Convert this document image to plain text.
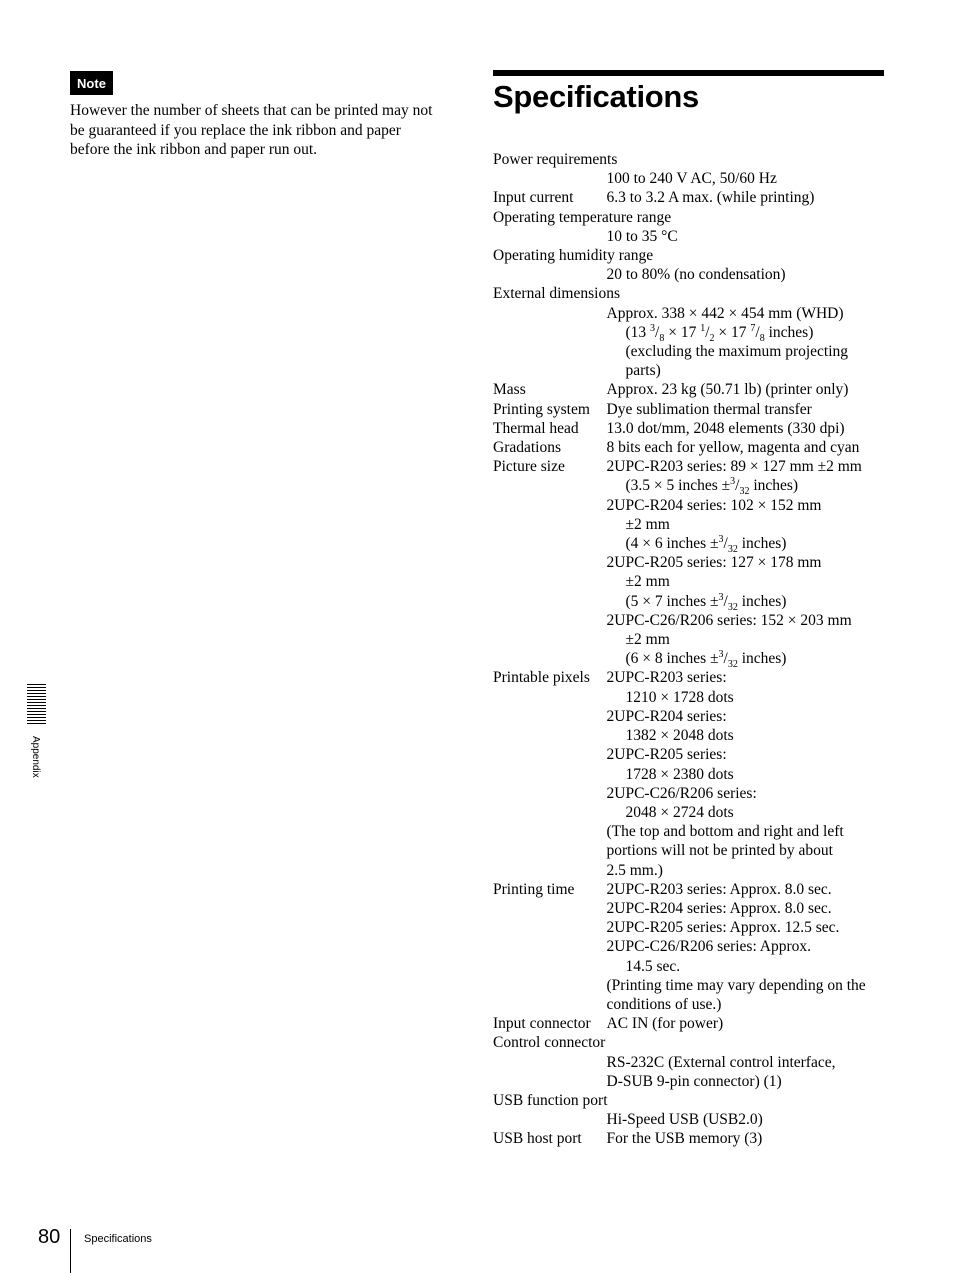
Note
However the number of sheets that can be printed may not
be guaranteed if you replace the ink ribbon and paper
before the ink ribbon and paper run out.
Specifications
Power requirements
100 to 240 V AC, 50/60 Hz
Input current 6.3 to 3.2 A max. (while printing)
Operating temperature range
10 to 35 °C
Operating humidity range
20 to 80% (no condensation)
External dimensions
Approx. 338 × 442 × 454 mm (WHD)
(13 $^3/_8 \times 17$ $^1/_2 \times 17$ $^7/_8$ inches)
(excluding the maximum projecting
parts)
Mass	Approx. 23 kg (50.71 lb) (printer only)
Printing system Dye sublimation thermal transfer
Thermal head 13.0 dot/mm, 2048 elements (330 dpi)
Gradations	8 bits each for yellow, magenta and cyan
Picture size	2UPC-R203 series: 89 × 127 mm ±2 mm
(3.5 × 5 inches $\pm^3/_{32}$ inches)
2UPC-R204 series: 102 × 152 mm
±2 mm
(4 × 6 inches $\pm^3/_{32}$ inches)
2UPC-R205 series: 127 × 178 mm
±2 mm
(5 × 7 inches $\pm^3/_{32}$ inches)
2UPC-C26/R206 series: 152 × 203 mm
±2 mm
(6 × 8 inches $\pm^3/_{32}$ inches)
Printable pixels 2UPC-R203 series:
1210 × 1728 dots
2UPC-R204 series:
1382 × 2048 dots
2UPC-R205 series:
1728 × 2380 dots
2UPC-C26/R206 series:
2048 × 2724 dots
(The top and bottom and right and left
portions will not be printed by about
2.5 mm.)
Printing time 2UPC-R203 series: Approx. 8.0 sec.
2UPC-R204 series: Approx. 8.0 sec.
2UPC-R205 series: Approx. 12.5 sec.
2UPC-C26/R206 series: Approx.
14.5 sec.
(Printing time may vary depending on the
conditions of use.)
Input connector AC IN (for power)
Control connector
RS-232C (External control interface,
D-SUB 9-pin connector) (1)
USB function port
Hi-Speed USB (USB2.0)
USB host port For the USB memory (3)
Appendix
80 Specifications
